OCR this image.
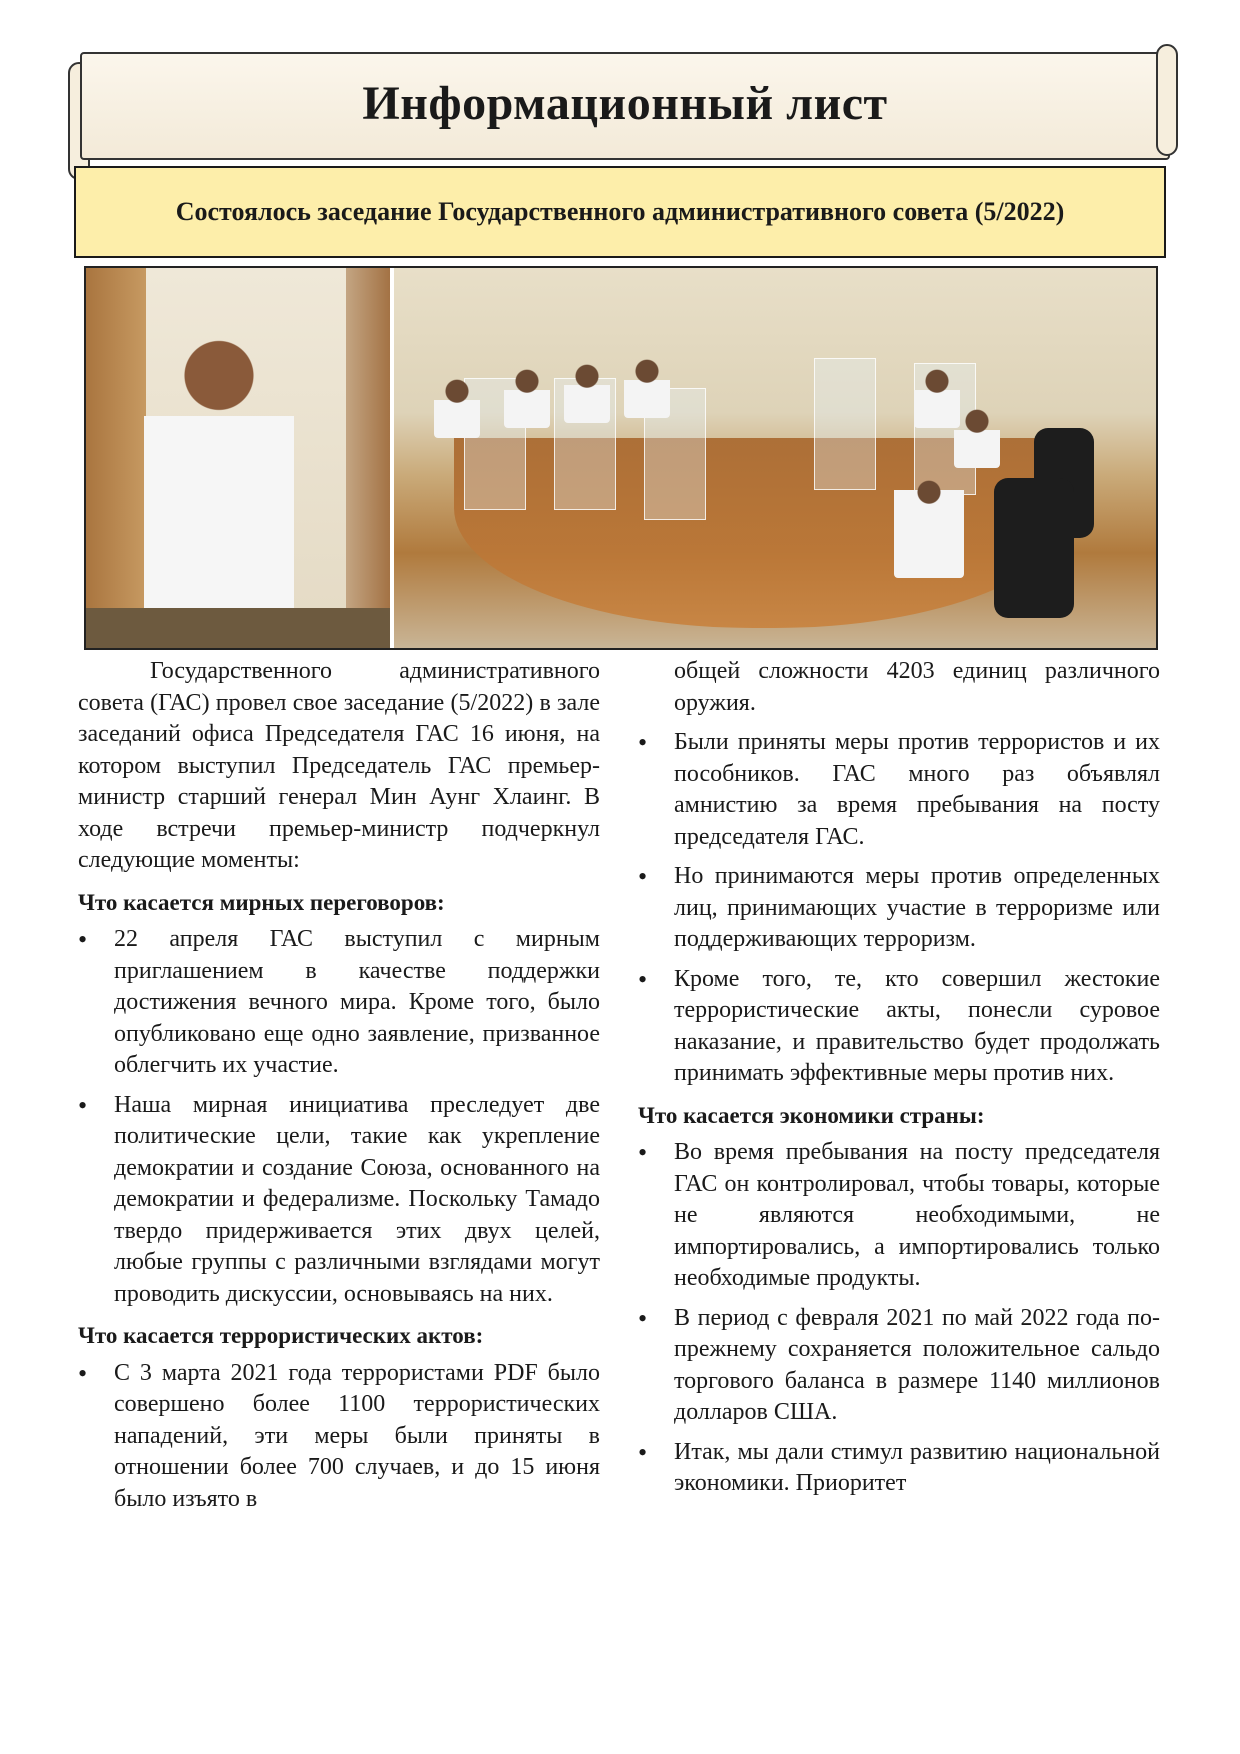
Информационный лист
Состоялось заседание Государственного административного совета (5/2022)

Государственного административного совета (ГАС) провел свое заседание (5/2022) в зале заседаний офиса Председателя ГАС 16 июня, на котором выступил Председатель ГАС премьер-министр старший генерал Мин Аунг Хлаинг. В ходе встречи премьер-министр подчеркнул следующие моменты:

Что касается мирных переговоров:

• 22 апреля ГАС выступил с мирным приглашением в качестве поддержки достижения вечного мира. Кроме того, было опубликовано еще одно заявление, призванное облегчить их участие.
• Наша мирная инициатива преследует две политические цели, такие как укрепление демократии и создание Союза, основанного на демократии и федерализме. Поскольку Тамадо твердо придерживается этих двух целей, любые группы с различными взглядами могут проводить дискуссии, основываясь на них.

Что касается террористических актов:

• С 3 марта 2021 года террористами PDF было совершено более 1100 террористических нападений, эти меры были приняты в отношении более 700 случаев, и до 15 июня было изъято в
общей сложности 4203 единиц различного оружия.
• Были приняты меры против террористов и их пособников. ГАС много раз объявлял амнистию за время пребывания на посту председателя ГАС.
• Но принимаются меры против определенных лиц, принимающих участие в терроризме или поддерживающих терроризм.
• Кроме того, те, кто совершил жестокие террористические акты, понесли суровое наказание, и правительство будет продолжать принимать эффективные меры против них.

Что касается экономики страны:

• Во время пребывания на посту председателя ГАС он контролировал, чтобы товары, которые не являются необходимыми, не импортировались, а импортировались только необходимые продукты.
• В период с февраля 2021 по май 2022 года по-прежнему сохраняется положительное сальдо торгового баланса в размере 1140 миллионов долларов США.
• Итак, мы дали стимул развитию национальной экономики. Приоритет
